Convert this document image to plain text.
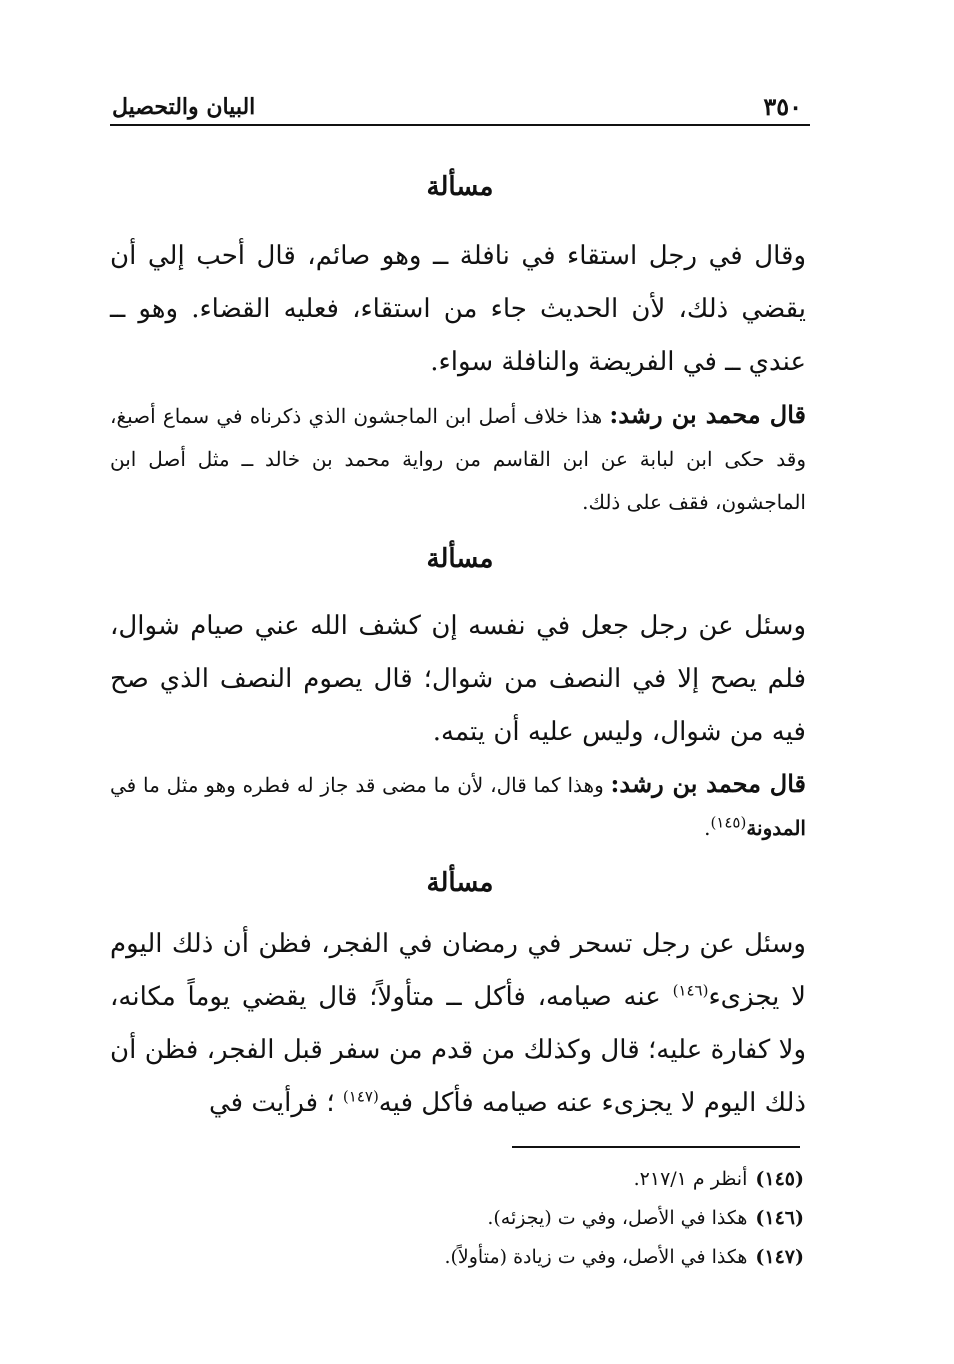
٣٥٠
البيان والتحصيل
مسألة

وقال في رجل استقاء في نافلة ــ وهو صائم، قال أحب إلي أن يقضي ذلك، لأن الحديث جاء من استقاء، فعليه القضاء. وهو ــ عندي ــ في الفريضة والنافلة سواء.

قال محمد بن رشد: هذا خلاف أصل ابن الماجشون الذي ذكرناه في سماع أصبغ، وقد حكى ابن لبابة عن ابن القاسم من رواية محمد بن خالد ــ مثل أصل ابن الماجشون، فقف على ذلك.

مسألة

وسئل عن رجل جعل في نفسه إن كشف الله عني صيام شوال، فلم يصح إلا في النصف من شوال؛ قال يصوم النصف الذي صح فيه من شوال، وليس عليه أن يتمه.

قال محمد بن رشد: وهذا كما قال، لأن ما مضى قد جاز له فطره وهو مثل ما في المدونة$^{(١٤٥)}$.

مسألة

وسئل عن رجل تسحر في رمضان في الفجر، فظن أن ذلك اليوم لا يجزىء$^{(١٤٦)}$ عنه صيامه، فأكل ــ متأولاً؛ قال يقضي يوماً مكانه، ولا كفارة عليه؛ قال وكذلك من قدم من سفر قبل الفجر، فظن أن ذلك اليوم لا يجزىء عنه صيامه فأكل فيه$^{(١٤٧)}$ ؛ فرأيت في

(١٤٥)أنظر م ٢١٧/١.
(١٤٦)هكذا في الأصل، وفي ت (يجزئه).
(١٤٧)هكذا في الأصل، وفي ت زيادة (متأولاً).
